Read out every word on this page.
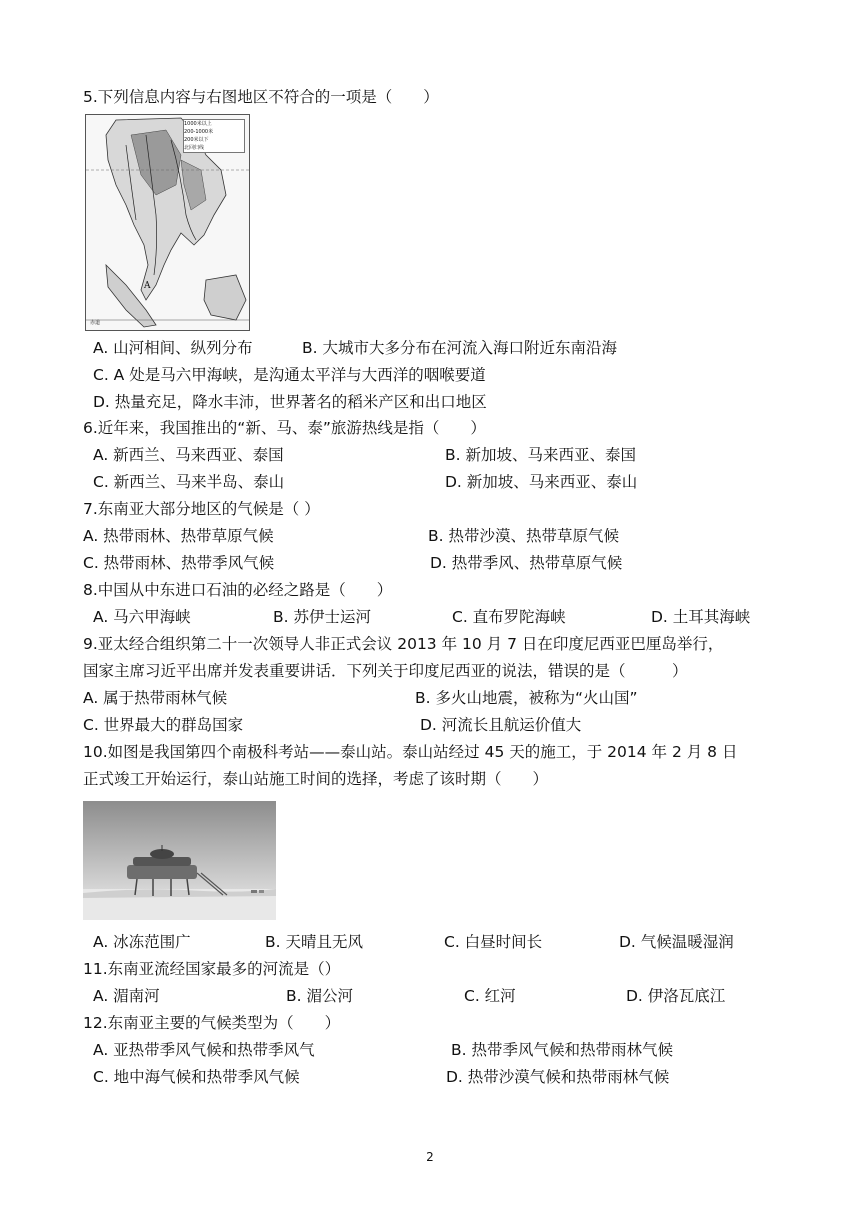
5.下列信息内容与右图地区不符合的一项是（　　）
1000米以上
200-1000米
200米以下
北回归线
A
赤道
A. 山河相间、纵列分布	B. 大城市大多分布在河流入海口附近东南沿海
C. A 处是马六甲海峡，是沟通太平洋与大西洋的咽喉要道
D. 热量充足，降水丰沛，世界著名的稻米产区和出口地区
6.近年来，我国推出的“新、马、泰”旅游热线是指（　　）
A. 新西兰、马来西亚、泰国	B. 新加坡、马来西亚、泰国
C. 新西兰、马来半岛、泰山	D. 新加坡、马来西亚、泰山
7.东南亚大部分地区的气候是（ ）
A. 热带雨林、热带草原气候	B. 热带沙漠、热带草原气候
C. 热带雨林、热带季风气候	D. 热带季风、热带草原气候
8.中国从中东进口石油的必经之路是（　　）
A. 马六甲海峡	B. 苏伊士运河	C. 直布罗陀海峡	D. 土耳其海峡
9.亚太经合组织第二十一次领导人非正式会议 2013 年 10 月 7 日在印度尼西亚巴厘岛举行，
国家主席习近平出席并发表重要讲话．下列关于印度尼西亚的说法，错误的是（　　　）
A. 属于热带雨林气候	B. 多火山地震，被称为“火山国”
C. 世界最大的群岛国家	D. 河流长且航运价值大
10.如图是我国第四个南极科考站——泰山站。泰山站经过 45 天的施工，于 2014 年 2 月 8 日
正式竣工开始运行，泰山站施工时间的选择，考虑了该时期（　　）
A. 冰冻范围广	B. 天晴且无风	C. 白昼时间长	D. 气候温暖湿润
11.东南亚流经国家最多的河流是（）
A. 湄南河	B. 湄公河	C. 红河	D. 伊洛瓦底江
12.东南亚主要的气候类型为（　　）
A. 亚热带季风气候和热带季风气	B. 热带季风气候和热带雨林气候
C. 地中海气候和热带季风气候	D. 热带沙漠气候和热带雨林气候
2
